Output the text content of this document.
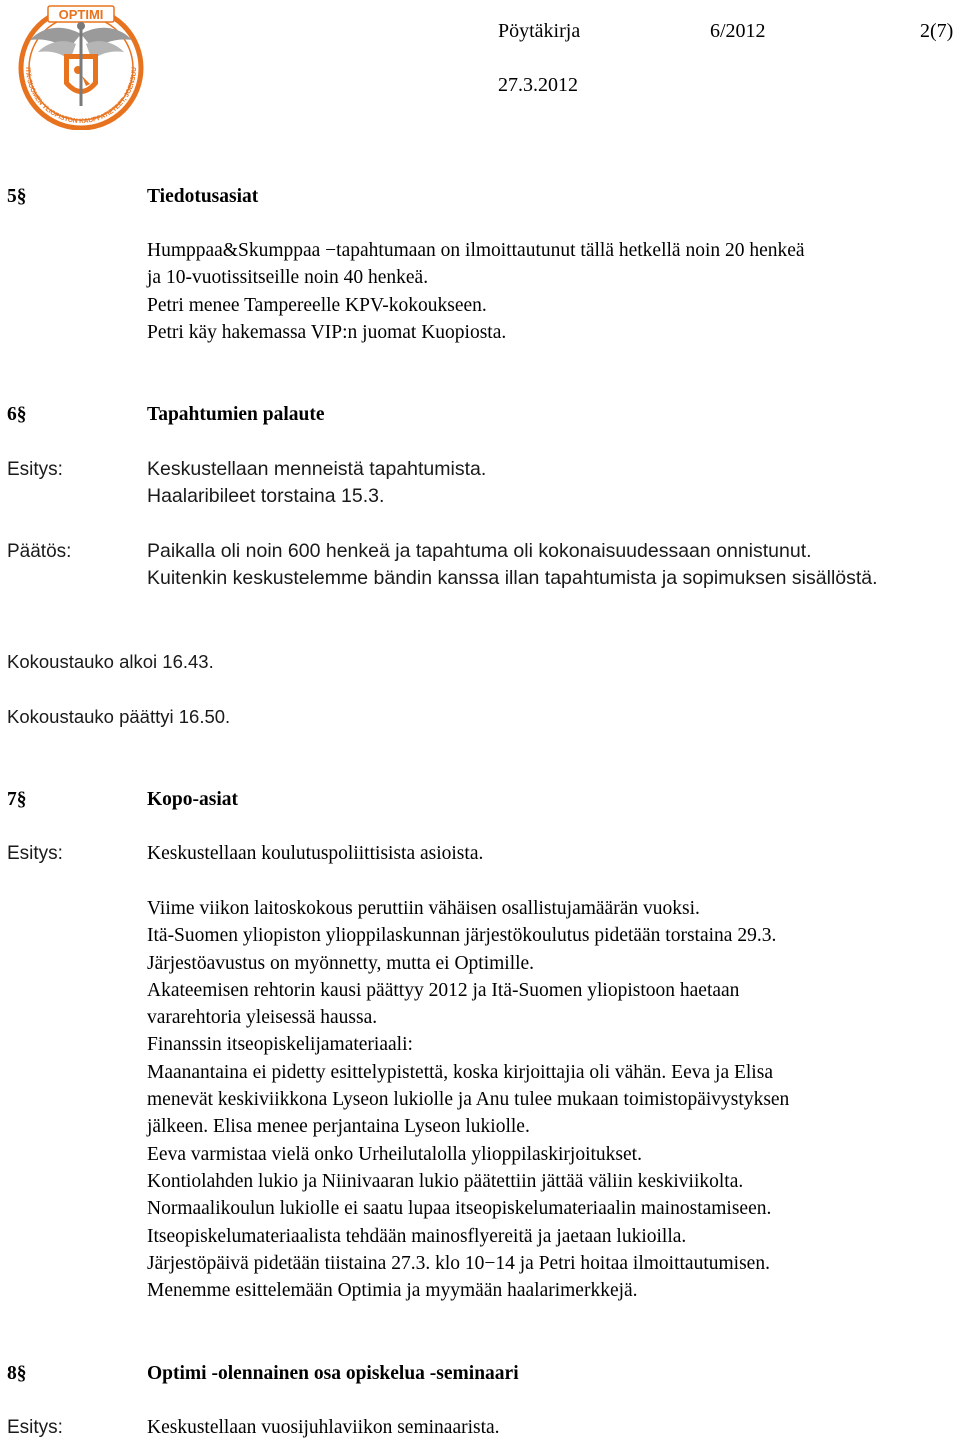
OPTIMI
ITÄ-SUOMEN YLIOPISTON KAUPPATIETEET, JOENSUU
Pöytäkirja	6/2012	2(7)
27.3.2012
5§	Tiedotusasiat
Humppaa&Skumppaa −tapahtumaan on ilmoittautunut tällä hetkellä noin 20 henkeä
ja 10-vuotissitseille noin 40 henkeä.
Petri menee Tampereelle KPV-kokoukseen.
Petri käy hakemassa VIP:n juomat Kuopiosta.
6§	Tapahtumien palaute
Esitys:	Keskustellaan menneistä tapahtumista.
Haalaribileet torstaina 15.3.
Päätös:	Paikalla oli noin 600 henkeä ja tapahtuma oli kokonaisuudessaan onnistunut.
Kuitenkin keskustelemme bändin kanssa illan tapahtumista ja sopimuksen sisällöstä.
Kokoustauko alkoi 16.43.
Kokoustauko päättyi 16.50.
7§	Kopo-asiat
Esitys:	Keskustellaan koulutuspoliittisista asioista.
Viime viikon laitoskokous peruttiin vähäisen osallistujamäärän vuoksi.
Itä-Suomen yliopiston ylioppilaskunnan järjestökoulutus pidetään torstaina 29.3.
Järjestöavustus on myönnetty, mutta ei Optimille.
Akateemisen rehtorin kausi päättyy 2012 ja Itä-Suomen yliopistoon haetaan
vararehtoria yleisessä haussa.
Finanssin itseopiskelijamateriaali:
Maanantaina ei pidetty esittelypistettä, koska kirjoittajia oli vähän. Eeva ja Elisa
menevät keskiviikkona Lyseon lukiolle ja Anu tulee mukaan toimistopäivystyksen
jälkeen. Elisa menee perjantaina Lyseon lukiolle.
Eeva varmistaa vielä onko Urheilutalolla ylioppilaskirjoitukset.
Kontiolahden lukio ja Niinivaaran lukio päätettiin jättää väliin keskiviikolta.
Normaalikoulun lukiolle ei saatu lupaa itseopiskelumateriaalin mainostamiseen.
Itseopiskelumateriaalista tehdään mainosflyereitä ja jaetaan lukioilla.
Järjestöpäivä pidetään tiistaina 27.3. klo 10−14 ja Petri hoitaa ilmoittautumisen.
Menemme esittelemään Optimia ja myymään haalarimerkkejä.
8§	Optimi -olennainen osa opiskelua -seminaari
Esitys:	Keskustellaan vuosijuhlaviikon seminaarista.
